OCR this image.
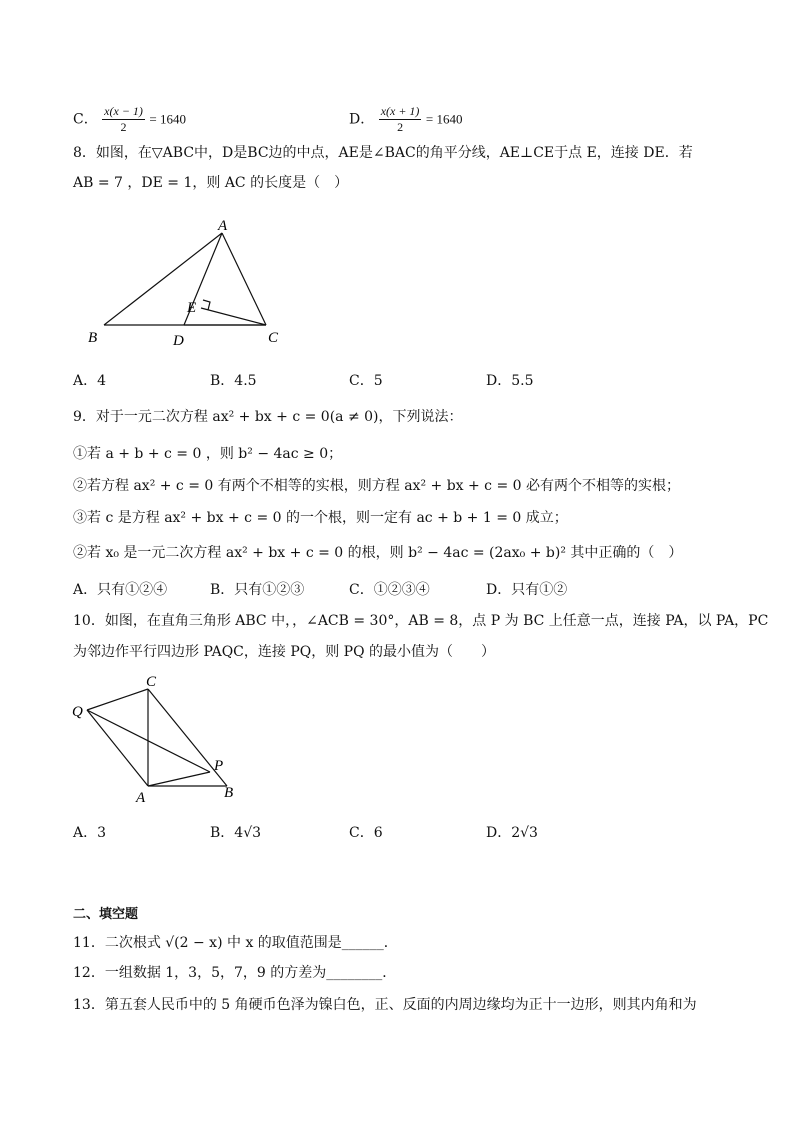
C． $\frac{x(x - 1)}{2} = 1640$	D． $\frac{x(x + 1)}{2} = 1640$
8．如图，在▽ABC中，D是BC边的中点，AE是∠BAC的角平分线，AE⊥CE于点 E，连接 DE．若
AB = 7 ，DE = 1，则 AC 的长度是（　）
A
B	C
D
E
A．4	B．4.5	C．5	D．5.5
9．对于一元二次方程 ax² + bx + c = 0(a ≠ 0)，下列说法：
①若 a + b + c = 0 ，则 b² − 4ac ≥ 0；
②若方程 ax² + c = 0 有两个不相等的实根，则方程 ax² + bx + c = 0 必有两个不相等的实根；
③若 c 是方程 ax² + bx + c = 0 的一个根，则一定有 ac + b + 1 = 0 成立；
②若 x₀ 是一元二次方程 ax² + bx + c = 0 的根，则 b² − 4ac = (2ax₀ + b)² 其中正确的（　）
A．只有①②④	B．只有①②③	C．①②③④	D．只有①②
10．如图，在直角三角形 ABC 中，，∠ACB = 30°，AB = 8，点 P 为 BC 上任意一点，连接 PA，以 PA，PC
为邻边作平行四边形 PAQC，连接 PQ，则 PQ 的最小值为（　　）
Q
C
P
A	B
A．3	B．4√3	C．6	D．2√3
二、填空题
11．二次根式 √(2 − x) 中 x 的取值范围是______．
12．一组数据 1，3，5，7，9 的方差为________．
13．第五套人民币中的 5 角硬币色泽为镍白色，正、反面的内周边缘均为正十一边形，则其内角和为
